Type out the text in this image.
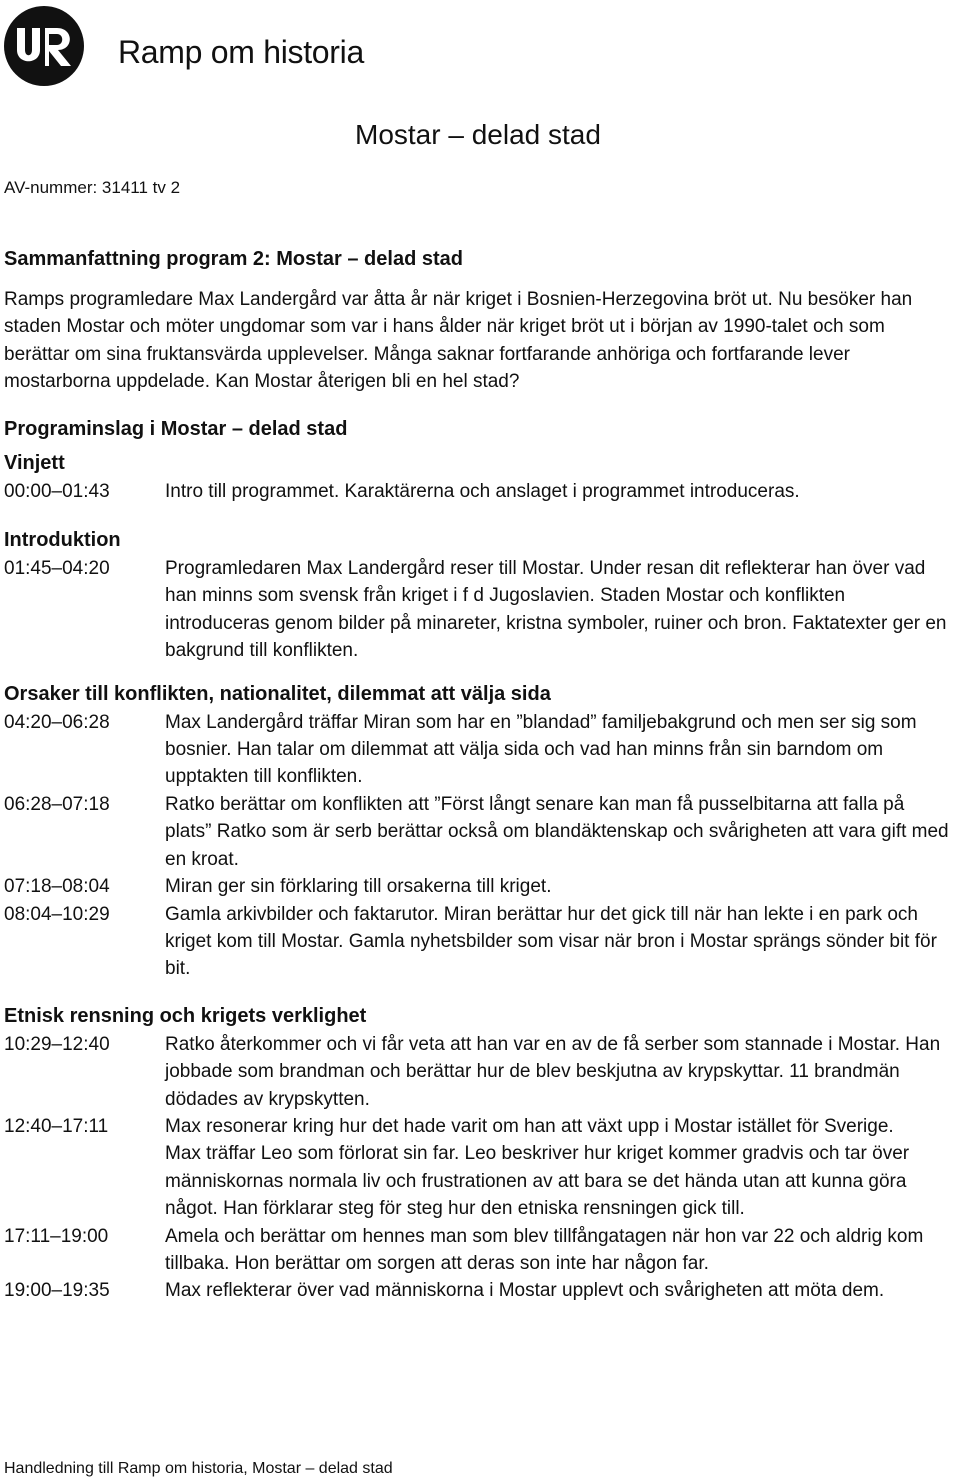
Ramp om historia
Mostar – delad stad
AV-nummer: 31411 tv 2
Sammanfattning program 2: Mostar – delad stad

Ramps programledare Max Landergård var åtta år när kriget i Bosnien-Herzegovina bröt ut. Nu besöker han staden Mostar och möter ungdomar som var i hans ålder när kriget bröt ut i början av 1990-talet och som berättar om sina fruktansvärda upplevelser. Många saknar fortfarande anhöriga och fortfarande lever mostarborna uppdelade. Kan Mostar återigen bli en hel stad?

Programinslag i Mostar – delad stad
Vinjett
00:00–01:43	Intro till programmet. Karaktärerna och anslaget i programmet introduceras.

Introduktion
01:45–04:20	Programledaren Max Landergård reser till Mostar. Under resan dit reflekterar han över vad han minns som svensk från kriget i f d Jugoslavien. Staden Mostar och konflikten introduceras genom bilder på minareter, kristna symboler, ruiner och bron. Faktatexter ger en bakgrund till konflikten.

Orsaker till konflikten, nationalitet, dilemmat att välja sida
04:20–06:28	Max Landergård träffar Miran som har en ”blandad” familjebakgrund och men ser sig som bosnier. Han talar om dilemmat att välja sida och vad han minns från sin barndom om upptakten till konflikten.

06:28–07:18	Ratko berättar om konflikten att ”Först långt senare kan man få pusselbitarna att falla på plats” Ratko som är serb berättar också om blandäktenskap och svårigheten att vara gift med en kroat.

07:18–08:04	Miran ger sin förklaring till orsakerna till kriget.

08:04–10:29	Gamla arkivbilder och faktarutor. Miran berättar hur det gick till när han lekte i en park och kriget kom till Mostar. Gamla nyhetsbilder som visar när bron i Mostar sprängs sönder bit för bit.

Etnisk rensning och krigets verklighet
10:29–12:40	Ratko återkommer och vi får veta att han var en av de få serber som stannade i Mostar. Han jobbade som brandman och berättar hur de blev beskjutna av krypskyttar. 11 brandmän dödades av krypskytten.

12:40–17:11	Max resonerar kring hur det hade varit om han att växt upp i Mostar istället för Sverige.

Max träffar Leo som förlorat sin far. Leo beskriver hur kriget kommer gradvis och tar över människornas normala liv och frustrationen av att bara se det hända utan att kunna göra något. Han förklarar steg för steg hur den etniska rensningen gick till.

17:11–19:00	Amela och berättar om hennes man som blev tillfångatagen när hon var 22 och aldrig kom tillbaka. Hon berättar om sorgen att deras son inte har någon far.

19:00–19:35	Max reflekterar över vad människorna i Mostar upplevt och svårigheten att möta dem.

Handledning till Ramp om historia, Mostar – delad stad
